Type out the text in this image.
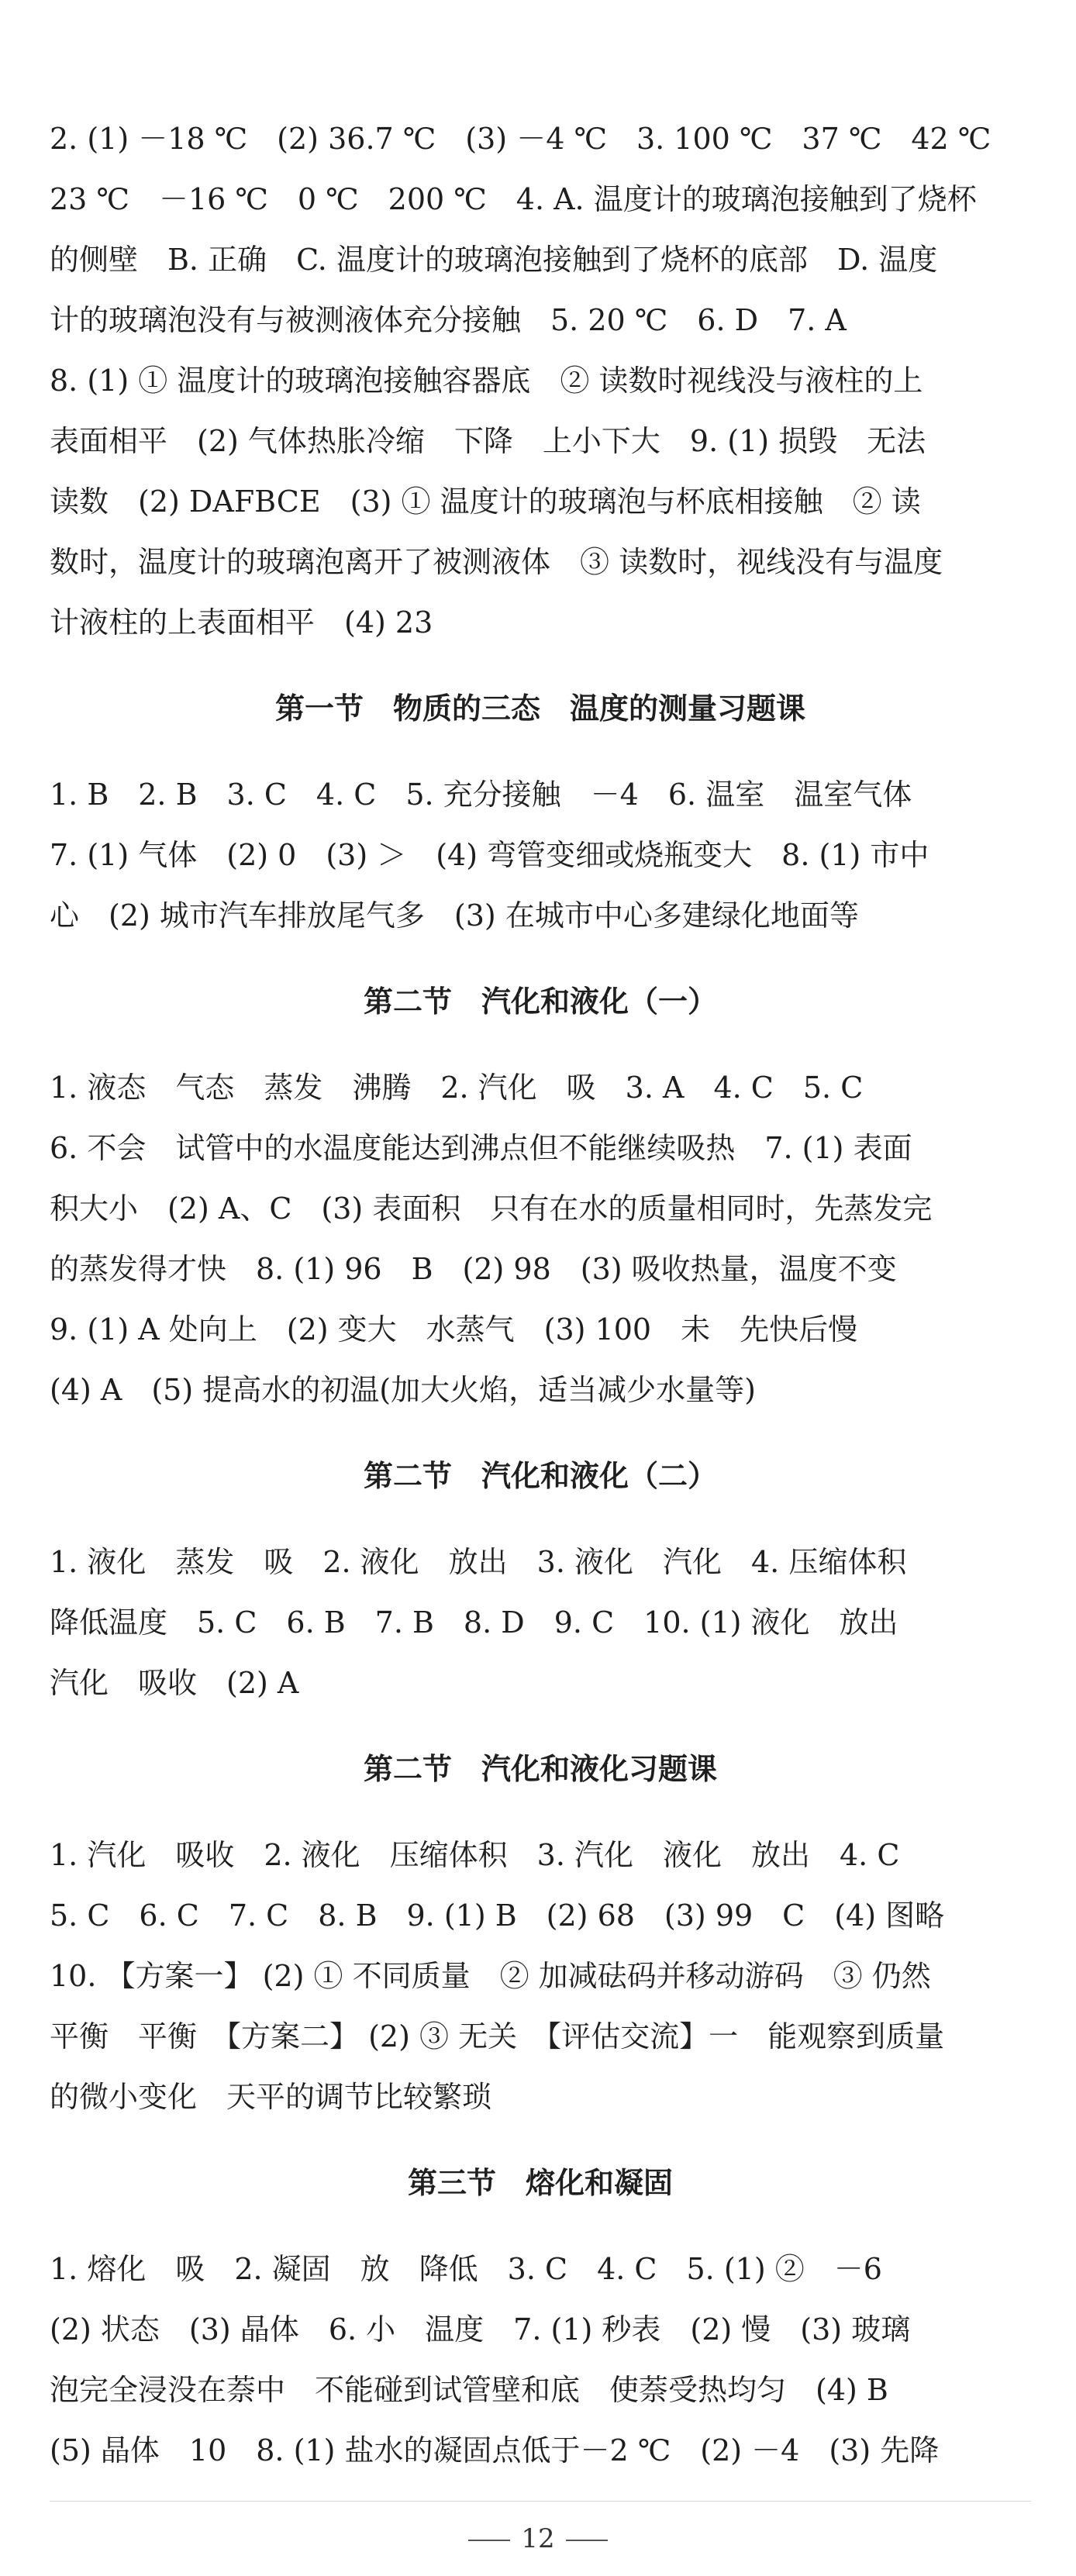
2. (1) －18 ℃　(2) 36.7 ℃　(3) －4 ℃　3. 100 ℃　37 ℃　42 ℃
23 ℃　－16 ℃　0 ℃　200 ℃　4. A. 温度计的玻璃泡接触到了烧杯
的侧壁　B. 正确　C. 温度计的玻璃泡接触到了烧杯的底部　D. 温度
计的玻璃泡没有与被测液体充分接触　5. 20 ℃　6. D　7. A
8. (1) ① 温度计的玻璃泡接触容器底　② 读数时视线没与液柱的上
表面相平　(2) 气体热胀冷缩　下降　上小下大　9. (1) 损毁　无法
读数　(2) DAFBCE　(3) ① 温度计的玻璃泡与杯底相接触　② 读
数时，温度计的玻璃泡离开了被测液体　③ 读数时，视线没有与温度
计液柱的上表面相平　(4) 23
第一节　物质的三态　温度的测量习题课
1. B　2. B　3. C　4. C　5. 充分接触　－4　6. 温室　温室气体
7. (1) 气体　(2) 0　(3) ＞　(4) 弯管变细或烧瓶变大　8. (1) 市中
心　(2) 城市汽车排放尾气多　(3) 在城市中心多建绿化地面等
第二节　汽化和液化（一）
1. 液态　气态　蒸发　沸腾　2. 汽化　吸　3. A　4. C　5. C
6. 不会　试管中的水温度能达到沸点但不能继续吸热　7. (1) 表面
积大小　(2) A、C　(3) 表面积　只有在水的质量相同时，先蒸发完
的蒸发得才快　8. (1) 96　B　(2) 98　(3) 吸收热量，温度不变
9. (1) A 处向上　(2) 变大　水蒸气　(3) 100　未　先快后慢
(4) A　(5) 提高水的初温(加大火焰，适当减少水量等)
第二节　汽化和液化（二）
1. 液化　蒸发　吸　2. 液化　放出　3. 液化　汽化　4. 压缩体积
降低温度　5. C　6. B　7. B　8. D　9. C　10. (1) 液化　放出
汽化　吸收　(2) A
第二节　汽化和液化习题课
1. 汽化　吸收　2. 液化　压缩体积　3. 汽化　液化　放出　4. C
5. C　6. C　7. C　8. B　9. (1) B　(2) 68　(3) 99　C　(4) 图略
10. 【方案一】 (2) ① 不同质量　② 加减砝码并移动游码　③ 仍然
平衡　平衡　【方案二】 (2) ③ 无关　【评估交流】一　能观察到质量
的微小变化　天平的调节比较繁琐
第三节　熔化和凝固
1. 熔化　吸　2. 凝固　放　降低　3. C　4. C　5. (1) ②　－6
(2) 状态　(3) 晶体　6. 小　温度　7. (1) 秒表　(2) 慢　(3) 玻璃
泡完全浸没在萘中　不能碰到试管壁和底　使萘受热均匀　(4) B
(5) 晶体　10　8. (1) 盐水的凝固点低于－2 ℃　(2) －4　(3) 先降
12
